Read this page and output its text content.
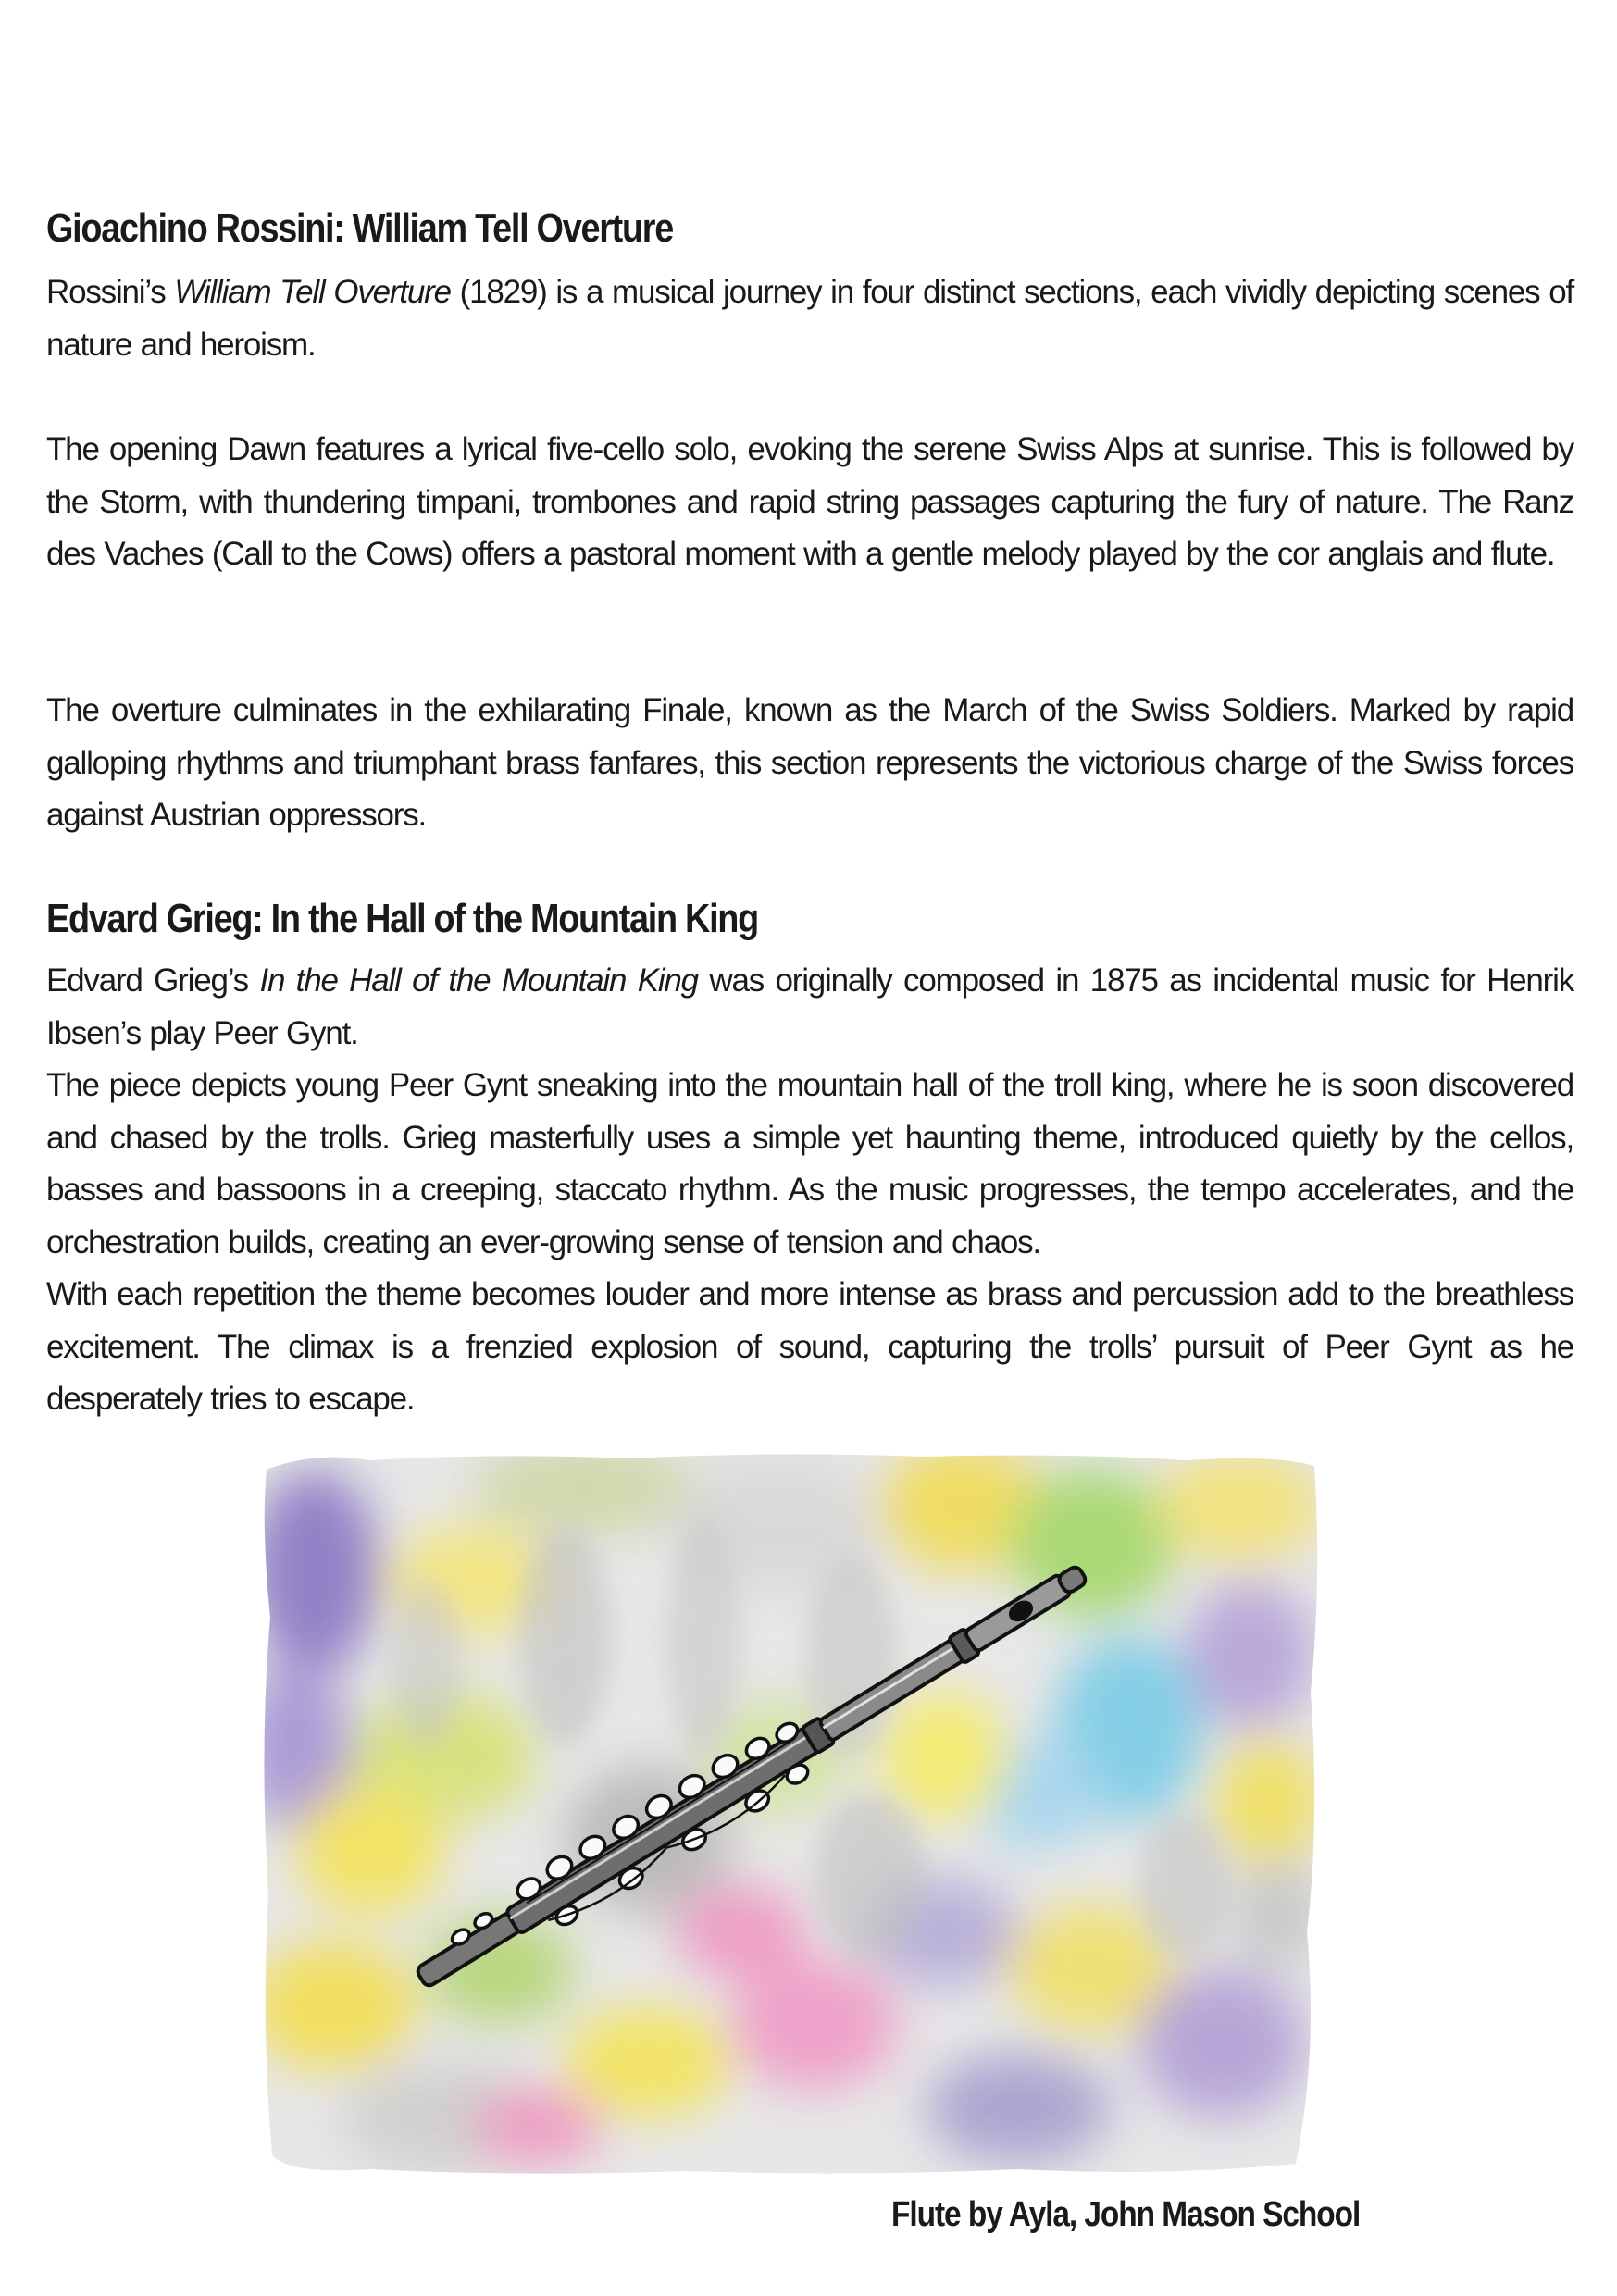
Gioachino Rossini: William Tell Overture

Rossini’s William Tell Overture (1829) is a musical journey in four distinct sections, each vividly depicting scenes of nature and heroism.

The opening Dawn features a lyrical five-cello solo, evoking the serene Swiss Alps at sunrise. This is followed by the Storm, with thundering timpani, trombones and rapid string passages capturing the fury of nature. The Ranz des Vaches (Call to the Cows) offers a pastoral moment with a gentle melody played by the cor anglais and flute.

The overture culminates in the exhilarating Finale, known as the March of the Swiss Soldiers. Marked by rapid galloping rhythms and triumphant brass fanfares, this section represents the victorious charge of the Swiss forces against Austrian oppressors.

Edvard Grieg: In the Hall of the Mountain King

Edvard Grieg’s In the Hall of the Mountain King was originally composed in 1875 as incidental music for Henrik Ibsen’s play Peer Gynt.

The piece depicts young Peer Gynt sneaking into the mountain hall of the troll king, where he is soon discovered and chased by the trolls. Grieg masterfully uses a simple yet haunting theme, introduced quietly by the cellos, basses and bassoons in a creeping, staccato rhythm. As the music progresses, the tempo accelerates, and the orchestration builds, creating an ever-growing sense of tension and chaos.

With each repetition the theme becomes louder and more intense as brass and percussion add to the breathless excitement. The climax is a frenzied explosion of sound, capturing the trolls’ pursuit of Peer Gynt as he desperately tries to escape.

Flute by Ayla, John Mason School
